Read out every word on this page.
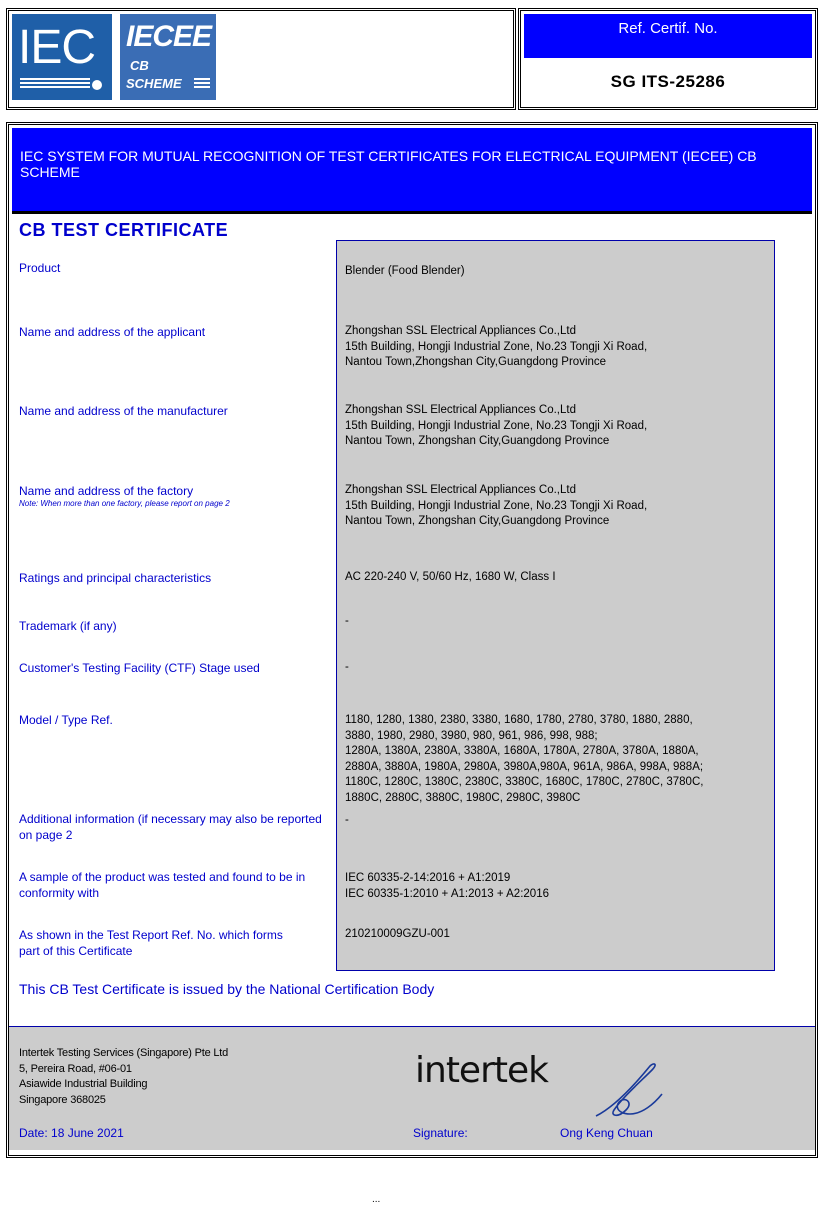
IEC IECEE
CB
SCHEME
Ref. Certif. No.
SG ITS-25286
IEC SYSTEM FOR MUTUAL RECOGNITION OF TEST CERTIFICATES FOR ELECTRICAL EQUIPMENT (IECEE) CB SCHEME
CB TEST CERTIFICATE
Product	Blender (Food Blender)
Name and address of the applicant	Zhongshan SSL Electrical Appliances Co.,Ltd
15th Building, Hongji Industrial Zone, No.23 Tongji Xi Road,
Nantou Town,Zhongshan City,Guangdong Province
Name and address of the manufacturer	Zhongshan SSL Electrical Appliances Co.,Ltd
15th Building, Hongji Industrial Zone, No.23 Tongji Xi Road,
Nantou Town, Zhongshan City,Guangdong Province
Name and address of the factory
Note: When more than one factory, please report on page 2
Zhongshan SSL Electrical Appliances Co.,Ltd
15th Building, Hongji Industrial Zone, No.23 Tongji Xi Road,
Nantou Town, Zhongshan City,Guangdong Province
Ratings and principal characteristics	AC 220-240 V, 50/60 Hz, 1680 W, Class I
Trademark (if any)	-
Customer's Testing Facility (CTF) Stage used	-
Model / Type Ref.	1180, 1280, 1380, 2380, 3380, 1680, 1780, 2780, 3780, 1880, 2880,
3880, 1980, 2980, 3980, 980, 961, 986, 998, 988;
1280A, 1380A, 2380A, 3380A, 1680A, 1780A, 2780A, 3780A, 1880A,
2880A, 3880A, 1980A, 2980A, 3980A,980A, 961A, 986A, 998A, 988A;
1180C, 1280C, 1380C, 2380C, 3380C, 1680C, 1780C, 2780C, 3780C,
1880C, 2880C, 3880C, 1980C, 2980C, 3980C
Additional information (if necessary may also be reported on page 2
-
A sample of the product was tested and found to be in conformity with
IEC 60335-2-14:2016 + A1:2019
IEC 60335-1:2010 + A1:2013 + A2:2016
As shown in the Test Report Ref. No. which forms part of this Certificate
210210009GZU-001
This CB Test Certificate is issued by the National Certification Body
Intertek Testing Services (Singapore) Pte Ltd
5, Pereira Road, #06-01
Asiawide Industrial Building
Singapore 368025
intertek
Date: 18 June 2021	Signature:	Ong Keng Chuan
...
